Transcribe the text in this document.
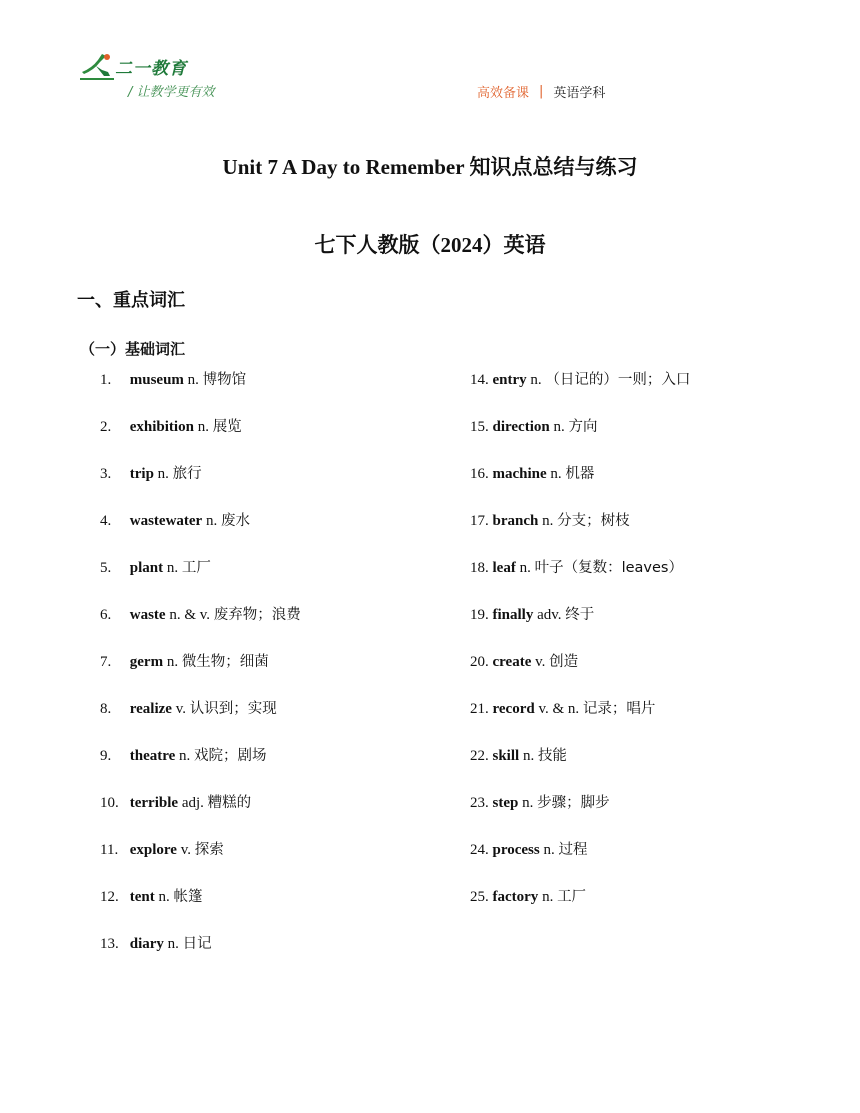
二一教育
/ 让教学更有效	高效备课 | 英语学科
Unit 7 A Day to Remember 知识点总结与练习
七下人教版（2024）英语
一、重点词汇
（一）基础词汇
1. museum n. 博物馆
2. exhibition n. 展览
3. trip n. 旅行
4. wastewater n. 废水
5. plant n. 工厂
6. waste n. & v. 废弃物；浪费
7. germ n. 微生物；细菌
8. realize v. 认识到；实现
9. theatre n. 戏院；剧场
10. terrible adj. 糟糕的
11. explore v. 探索
12. tent n. 帐篷
13. diary n. 日记
14. entry n. （日记的）一则；入口
15. direction n. 方向
16. machine n. 机器
17. branch n. 分支；树枝
18. leaf n. 叶子（复数：leaves）
19. finally adv. 终于
20. create v. 创造
21. record v. & n. 记录；唱片
22. skill n. 技能
23. step n. 步骤；脚步
24. process n. 过程
25. factory n. 工厂
